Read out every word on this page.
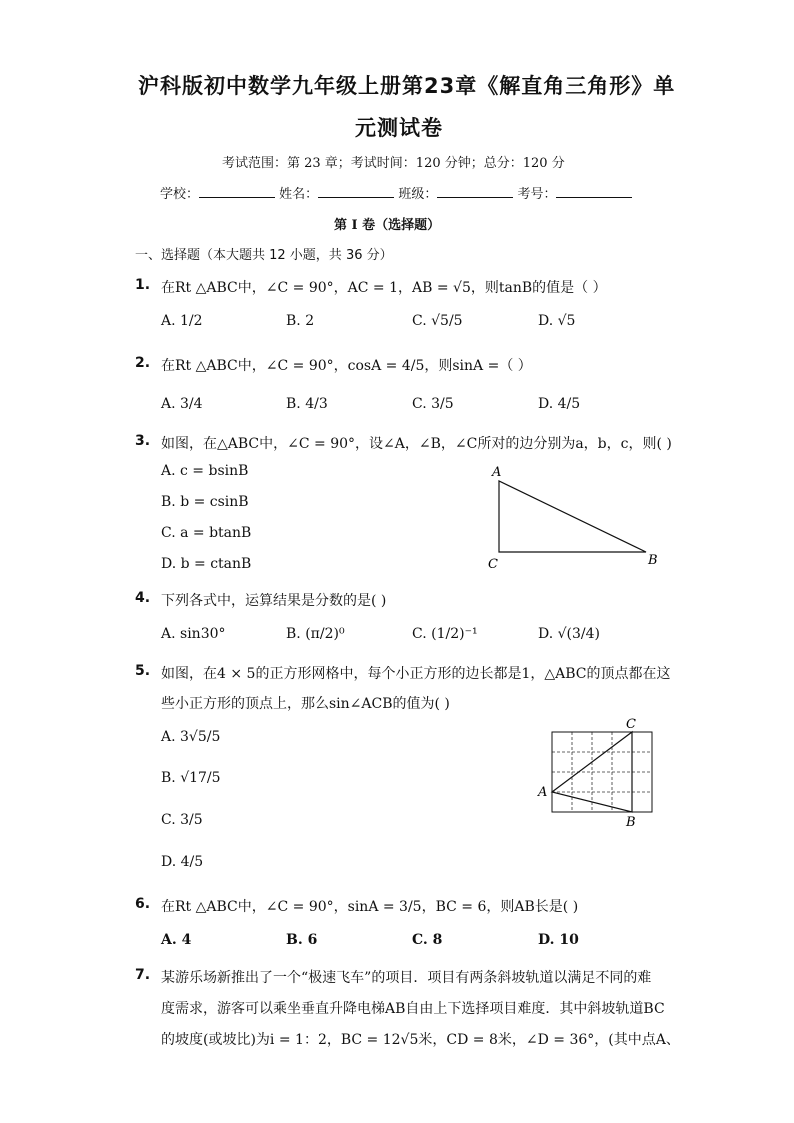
沪科版初中数学九年级上册第23章《解直角三角形》单
元测试卷
考试范围：第 23 章；考试时间：120 分钟；总分：120 分
学校：	姓名：	班级：	考号：
第 I 卷（选择题）
一、选择题（本大题共 12 小题，共 36 分）
1. 在Rt △ABC中，∠C = 90°，AC = 1，AB = √5，则tanB的值是（ ）
A. 1/2	B. 2	C. √5/5	D. √5
2. 在Rt △ABC中，∠C = 90°，cosA = 4/5，则sinA =（ ）
A. 3/4	B. 4/3	C. 3/5	D. 4/5
3. 如图，在△ABC中，∠C = 90°，设∠A，∠B，∠C所对的边分别为a，b，c，则( )
A. c = bsinB
B. b = csinB
C. a = btanB
D. b = ctanB
A
C	B
4. 下列各式中，运算结果是分数的是( )
A. sin30°	B. (π/2)⁰	C. (1/2)⁻¹	D. √(3/4)
5. 如图，在4 × 5的正方形网格中，每个小正方形的边长都是1，△ABC的顶点都在这
些小正方形的顶点上，那么sin∠ACB的值为( )
A. 3√5/5
B. √17/5
C. 3/5
D. 4/5
C
A
B
6. 在Rt △ABC中，∠C = 90°，sinA = 3/5，BC = 6，则AB长是( )
A. 4	B. 6	C. 8	D. 10
7. 某游乐场新推出了一个“极速飞车”的项目．项目有两条斜坡轨道以满足不同的难
度需求，游客可以乘坐垂直升降电梯AB自由上下选择项目难度．其中斜坡轨道BC
的坡度(或坡比)为i = 1：2，BC = 12√5米，CD = 8米，∠D = 36°，(其中点A、
